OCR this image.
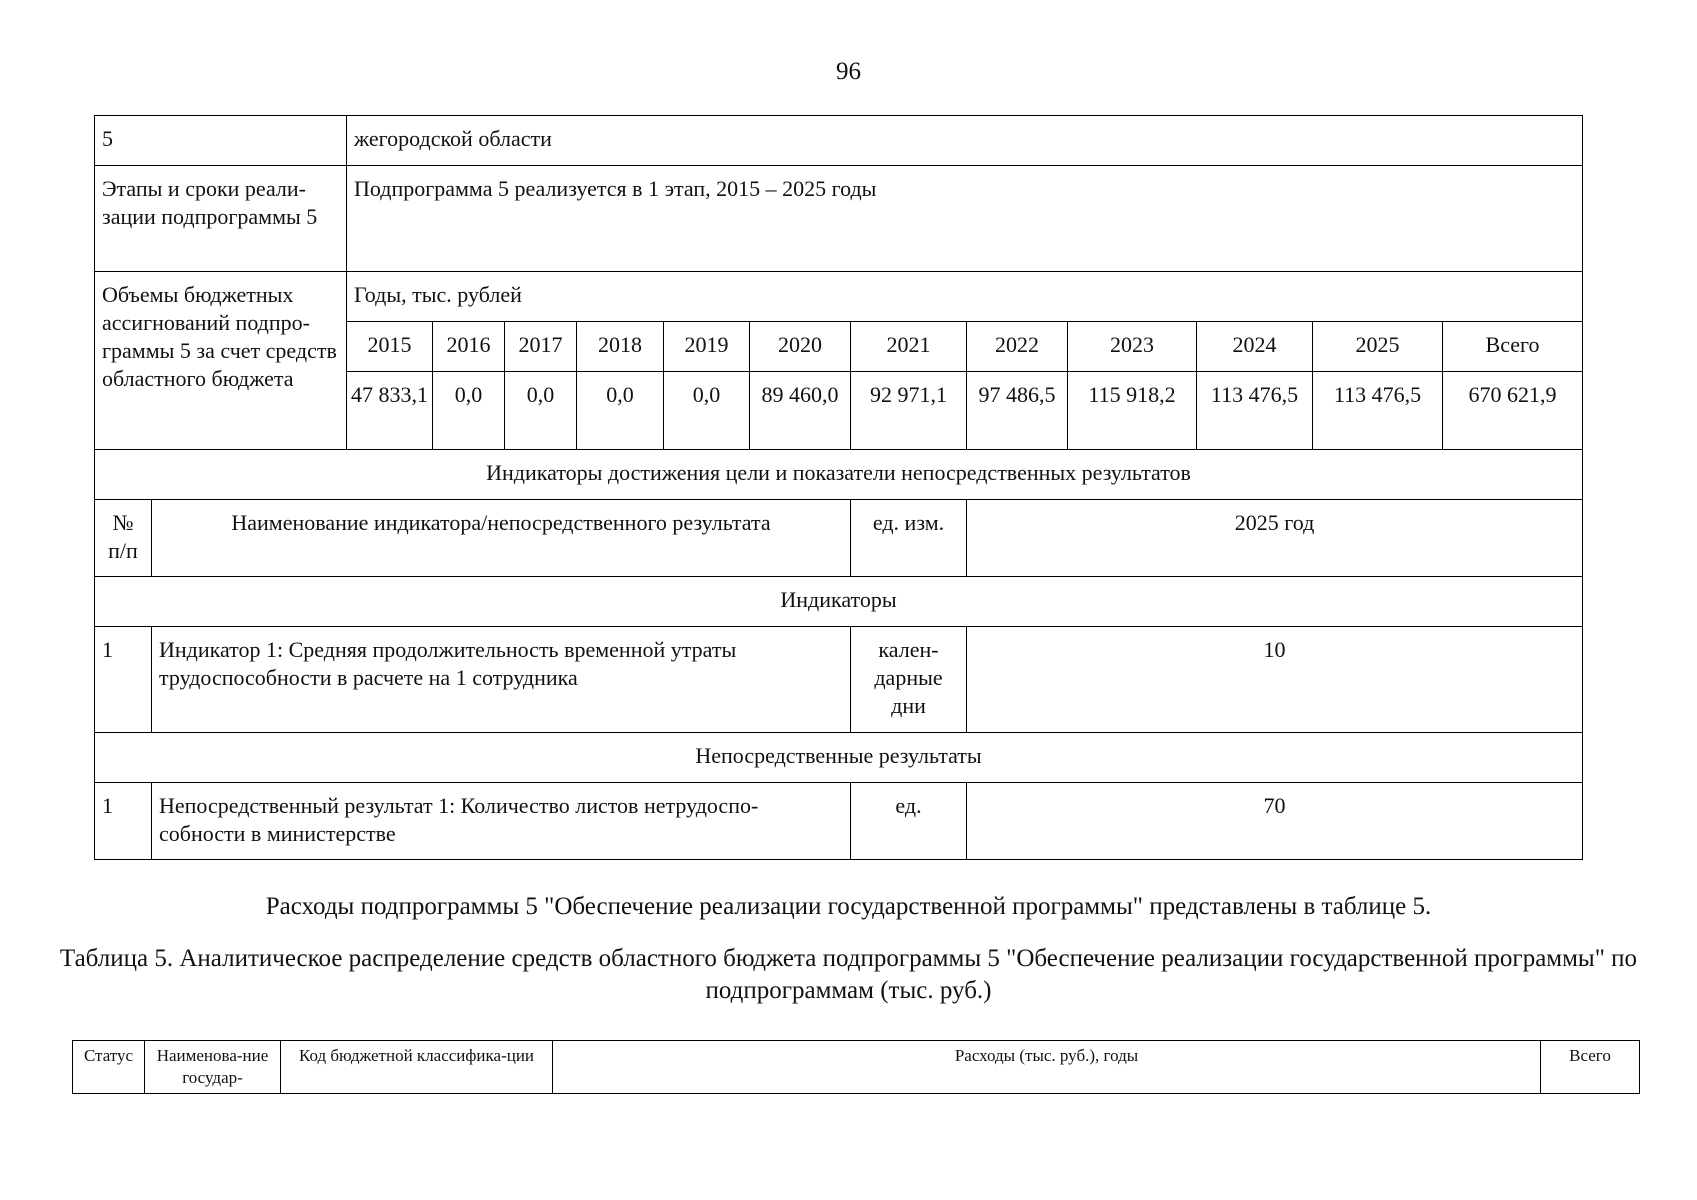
96
5		жегородской области											
Этапы и сроки реали-зации подпрограммы 5		Подпрограмма 5 реализуется в 1 этап, 2015 – 2025 годы											
Объемы бюджетных ассигнований подпро-граммы 5 за счет средств областного бюджета		Годы, тыс. рублей											
		2015	2016	2017	2018	2019	2020	2021	2022	2023	2024	2025	Всего
		47 833,1	0,0	0,0	0,0	0,0	89 460,0	92 971,1	97 486,5	115 918,2	113 476,5	113 476,5	670 621,9
Индикаторы достижения цели и показатели непосредственных результатов													
№ п/п	Наименование индикатора/непосредственного результата							ед. изм.	2025 год				
Индикаторы													
1	Индикатор 1: Средняя продолжительность временной утраты трудоспособности в расчете на 1 сотрудника							кален-дарные дни	10				
Непосредственные результаты													
1	Непосредственный результат 1: Количество листов нетрудоспо-собности в министерстве							ед.	70				
Расходы подпрограммы 5 "Обеспечение реализации государственной программы" представлены в таблице 5.
Таблица 5. Аналитическое распределение средств областного бюджета подпрограммы 5 "Обеспечение реализации государственной программы" по подпрограммам (тыс. руб.)
Статус	Наименова-ние государ-	Код бюджетной классифика-ции	Расходы (тыс. руб.), годы	Всего
